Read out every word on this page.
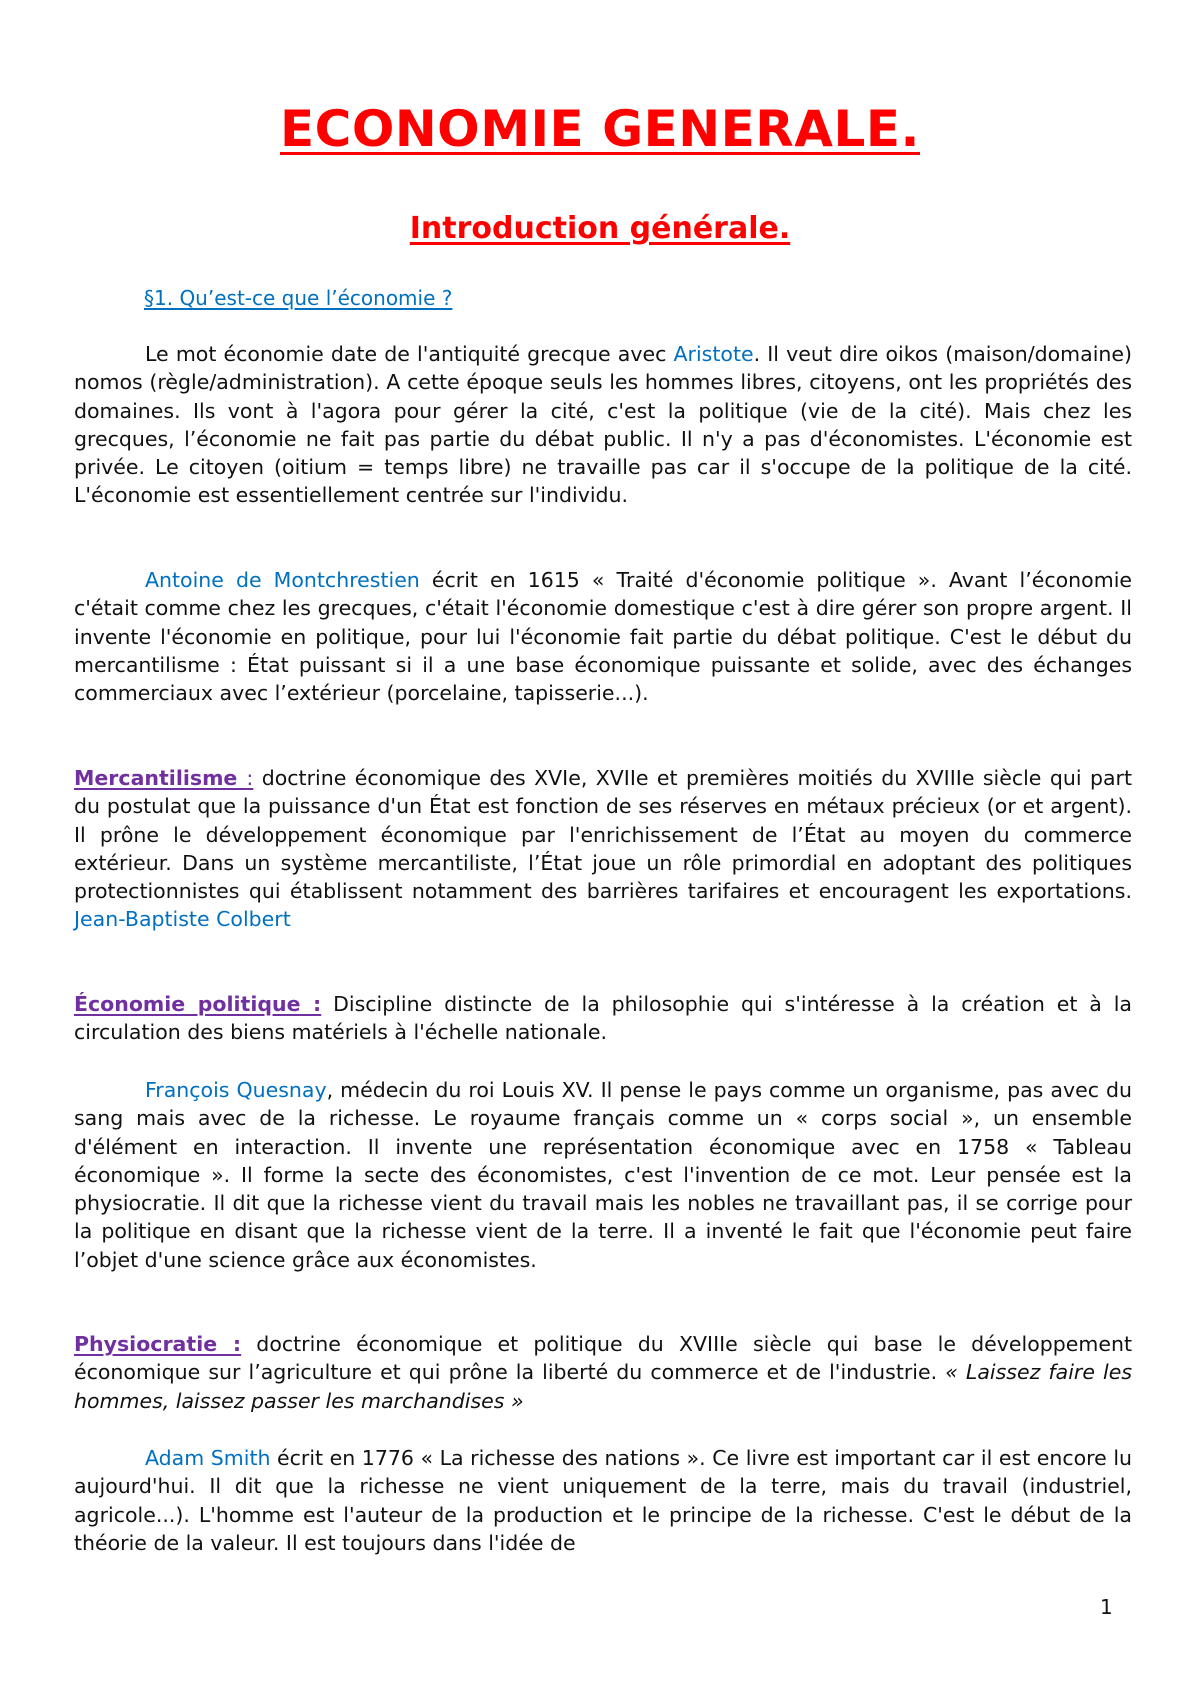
ECONOMIE GENERALE.
Introduction générale.

§1. Qu’est-ce que l’économie ?

Le mot économie date de l'antiquité grecque avec Aristote. Il veut dire oikos (maison/domaine) nomos (règle/administration). A cette époque seuls les hommes libres, citoyens, ont les propriétés des domaines. Ils vont à l'agora pour gérer la cité, c'est la politique (vie de la cité). Mais chez les grecques, l’économie ne fait pas partie du débat public. Il n'y a pas d'économistes. L'économie est privée. Le citoyen (oitium = temps libre) ne travaille pas car il s'occupe de la politique de la cité. L'économie est essentiellement centrée sur l'individu.

Antoine de Montchrestien écrit en 1615 « Traité d'économie politique ». Avant l’économie c'était comme chez les grecques, c'était l'économie domestique c'est à dire gérer son propre argent. Il invente l'économie en politique, pour lui l'économie fait partie du débat politique. C'est le début du mercantilisme : État puissant si il a une base économique puissante et solide, avec des échanges commerciaux avec l’extérieur (porcelaine, tapisserie...).

Mercantilisme : doctrine économique des XVIe, XVIIe et premières moitiés du XVIIIe siècle qui part du postulat que la puissance d'un État est fonction de ses réserves en métaux précieux (or et argent). Il prône le développement économique par l'enrichissement de l’État au moyen du commerce extérieur. Dans un système mercantiliste, l’État joue un rôle primordial en adoptant des politiques protectionnistes qui établissent notamment des barrières tarifaires et encouragent les exportations. Jean-Baptiste Colbert

Économie politique : Discipline distincte de la philosophie qui s'intéresse à la création et à la circulation des biens matériels à l'échelle nationale.

François Quesnay, médecin du roi Louis XV. Il pense le pays comme un organisme, pas avec du sang mais avec de la richesse. Le royaume français comme un « corps social », un ensemble d'élément en interaction. Il invente une représentation économique avec en 1758 « Tableau économique ». Il forme la secte des économistes, c'est l'invention de ce mot. Leur pensée est la physiocratie. Il dit que la richesse vient du travail mais les nobles ne travaillant pas, il se corrige pour la politique en disant que la richesse vient de la terre. Il a inventé le fait que l'économie peut faire l’objet d'une science grâce aux économistes.

Physiocratie : doctrine économique et politique du XVIIIe siècle qui base le développement économique sur l’agriculture et qui prône la liberté du commerce et de l'industrie. « Laissez faire les hommes, laissez passer les marchandises »

Adam Smith écrit en 1776 « La richesse des nations ». Ce livre est important car il est encore lu aujourd'hui. Il dit que la richesse ne vient uniquement de la terre, mais du travail (industriel, agricole...). L'homme est l'auteur de la production et le principe de la richesse. C'est le début de la théorie de la valeur. Il est toujours dans l'idée de

1
